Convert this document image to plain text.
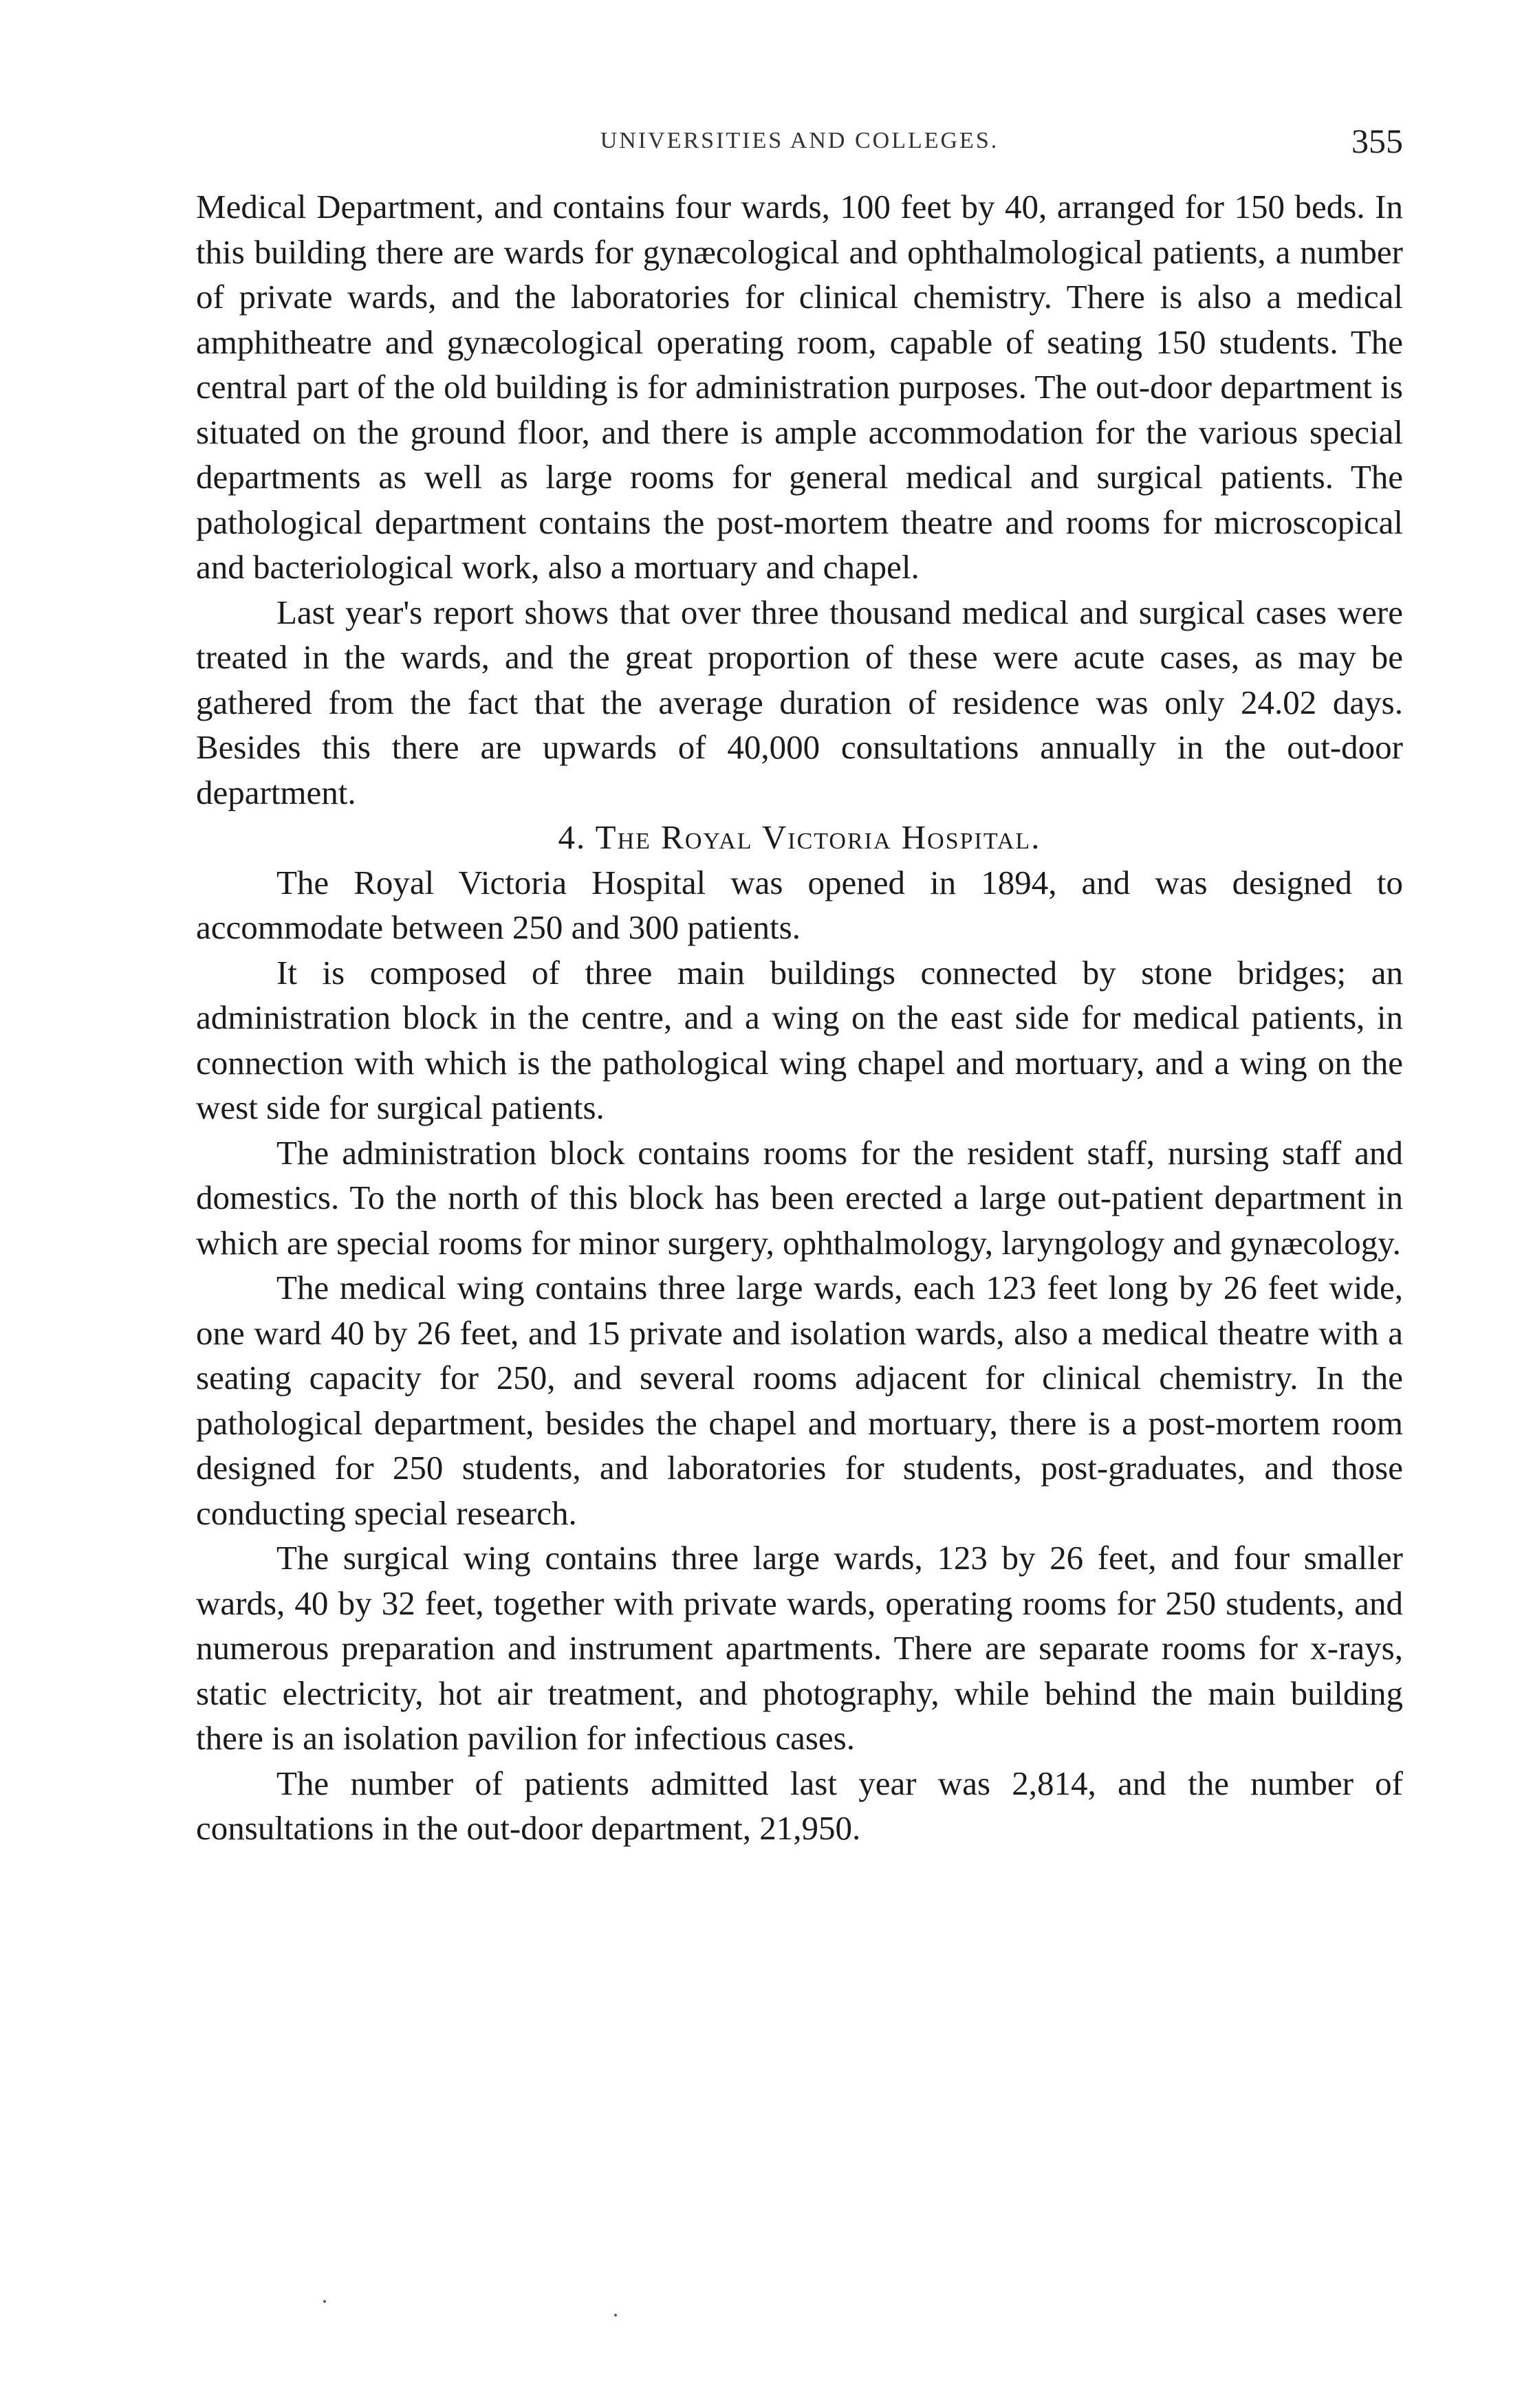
UNIVERSITIES AND COLLEGES.	355

Medical Department, and contains four wards, 100 feet by 40, arranged for 150 beds. In this building there are wards for gynæcological and ophthalmological patients, a number of private wards, and the laboratories for clinical chemistry. There is also a medical amphitheatre and gynæcological operating room, capable of seating 150 students. The central part of the old building is for administration purposes. The out-door department is situated on the ground floor, and there is ample accommodation for the various special departments as well as large rooms for general medical and surgical patients. The pathological department contains the post-mortem theatre and rooms for microscopical and bacteriological work, also a mortuary and chapel.

Last year's report shows that over three thousand medical and surgical cases were treated in the wards, and the great proportion of these were acute cases, as may be gathered from the fact that the average duration of residence was only 24.02 days. Besides this there are upwards of 40,000 consultations annually in the out-door department.

4. The Royal Victoria Hospital.

The Royal Victoria Hospital was opened in 1894, and was designed to accommodate between 250 and 300 patients.

It is composed of three main buildings connected by stone bridges; an administration block in the centre, and a wing on the east side for medical patients, in connection with which is the pathological wing chapel and mortuary, and a wing on the west side for surgical patients.

The administration block contains rooms for the resident staff, nursing staff and domestics. To the north of this block has been erected a large out-patient department in which are special rooms for minor surgery, ophthalmology, laryngology and gynæcology.

The medical wing contains three large wards, each 123 feet long by 26 feet wide, one ward 40 by 26 feet, and 15 private and isolation wards, also a medical theatre with a seating capacity for 250, and several rooms adjacent for clinical chemistry. In the pathological department, besides the chapel and mortuary, there is a post-mortem room designed for 250 students, and laboratories for students, post-graduates, and those conducting special research.

The surgical wing contains three large wards, 123 by 26 feet, and four smaller wards, 40 by 32 feet, together with private wards, operating rooms for 250 students, and numerous preparation and instrument apartments. There are separate rooms for x-rays, static electricity, hot air treatment, and photography, while behind the main building there is an isolation pavilion for infectious cases.

The number of patients admitted last year was 2,814, and the number of consultations in the out-door department, 21,950.
